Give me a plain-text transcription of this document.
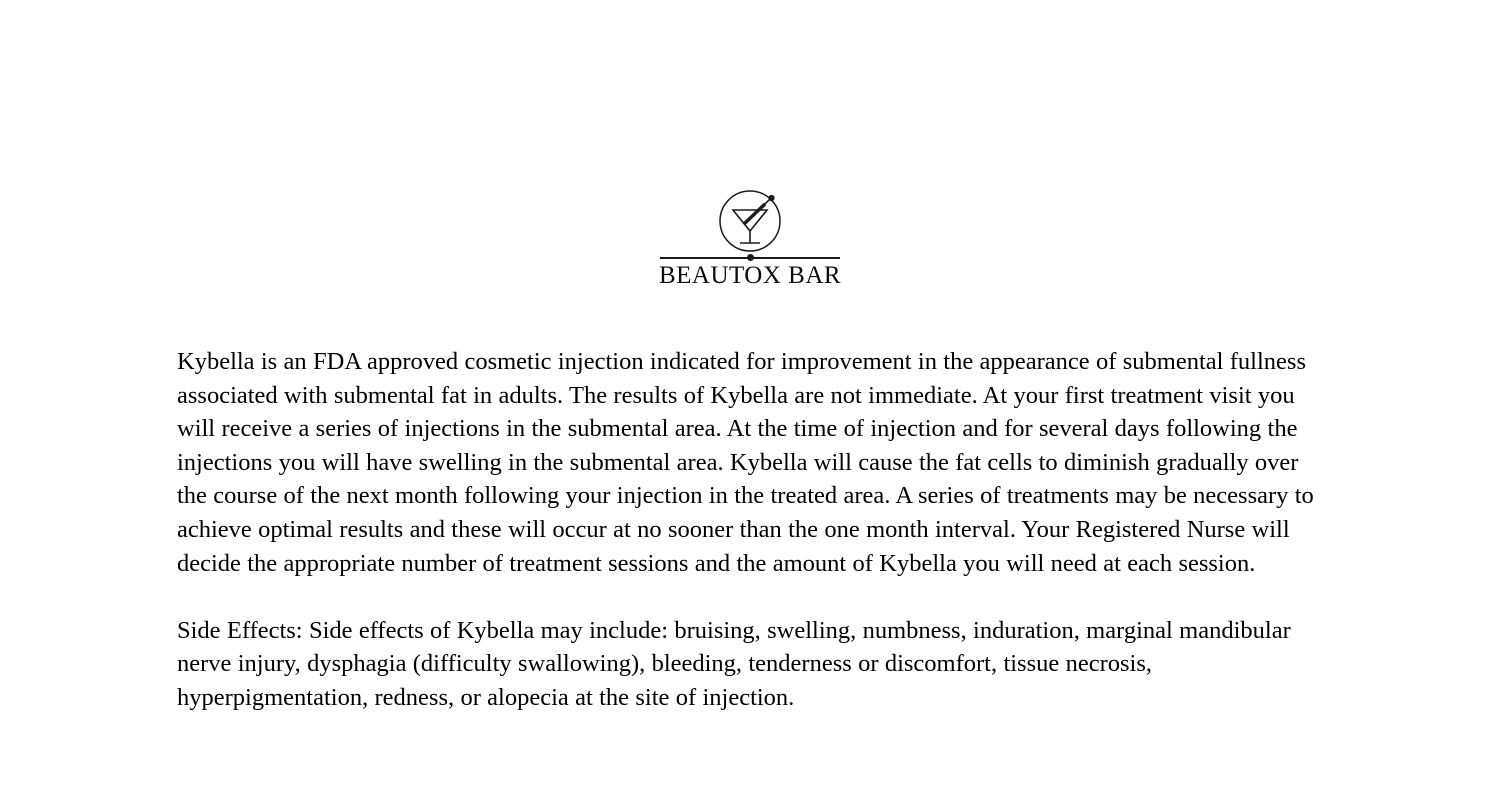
BEAUTOX BAR

Kybella is an FDA approved cosmetic injection indicated for improvement in the appearance of submental fullness associated with submental fat in adults. The results of Kybella are not immediate. At your first treatment visit you will receive a series of injections in the submental area. At the time of injection and for several days following the injections you will have swelling in the submental area. Kybella will cause the fat cells to diminish gradually over the course of the next month following your injection in the treated area. A series of treatments may be necessary to achieve optimal results and these will occur at no sooner than the one month interval. Your Registered Nurse will decide the appropriate number of treatment sessions and the amount of Kybella you will need at each session.

Side Effects: Side effects of Kybella may include: bruising, swelling, numbness, induration, marginal mandibular nerve injury, dysphagia (difficulty swallowing), bleeding, tenderness or discomfort, tissue necrosis, hyperpigmentation, redness, or alopecia at the site of injection.
